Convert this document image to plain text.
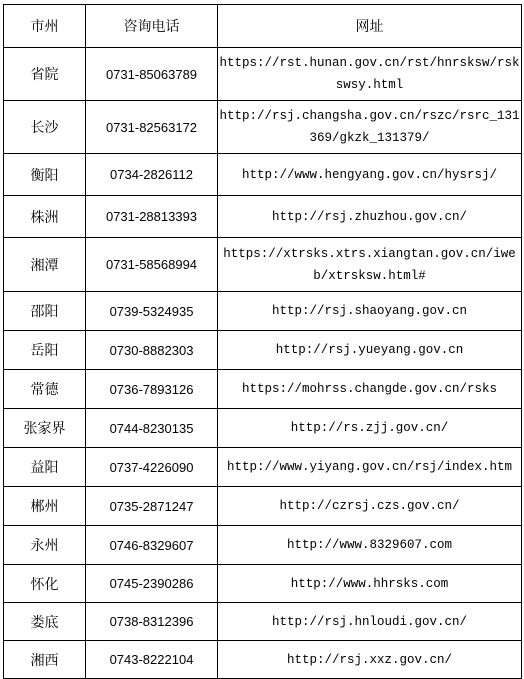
市州	咨询电话	网址
省院	0731-85063789	https://rst.hunan.gov.cn/rst/hnrsksw/rsksw​sy.html
长沙	0731-82563172	http://rsj.changsha.gov.cn/rszc/rsrc_1313​69/gkzk_131379/
衡阳	0734-2826112	http://www.hengyang.gov.cn/hysrsj/
株洲	0731-28813393	http://rsj.zhuzhou.gov.cn/
湘潭	0731-58568994	https://xtrsks.xtrs.xiangtan.gov.cn/iweb/​xtrsksw.html#
邵阳	0739-5324935	http://rsj.shaoyang.gov.cn
岳阳	0730-8882303	http://rsj.yueyang.gov.cn
常德	0736-7893126	https://mohrss.changde.gov.cn/rsks
张家界	0744-8230135	http://rs.zjj.gov.cn/
益阳	0737-4226090	http://www.yiyang.gov.cn/rsj/index.htm
郴州	0735-2871247	http://czrsj.czs.gov.cn/
永州	0746-8329607	http://www.8329607.com
怀化	0745-2390286	http://www.hhrsks.com
娄底	0738-8312396	http://rsj.hnloudi.gov.cn/
湘西	0743-8222104	http://rsj.xxz.gov.cn/
